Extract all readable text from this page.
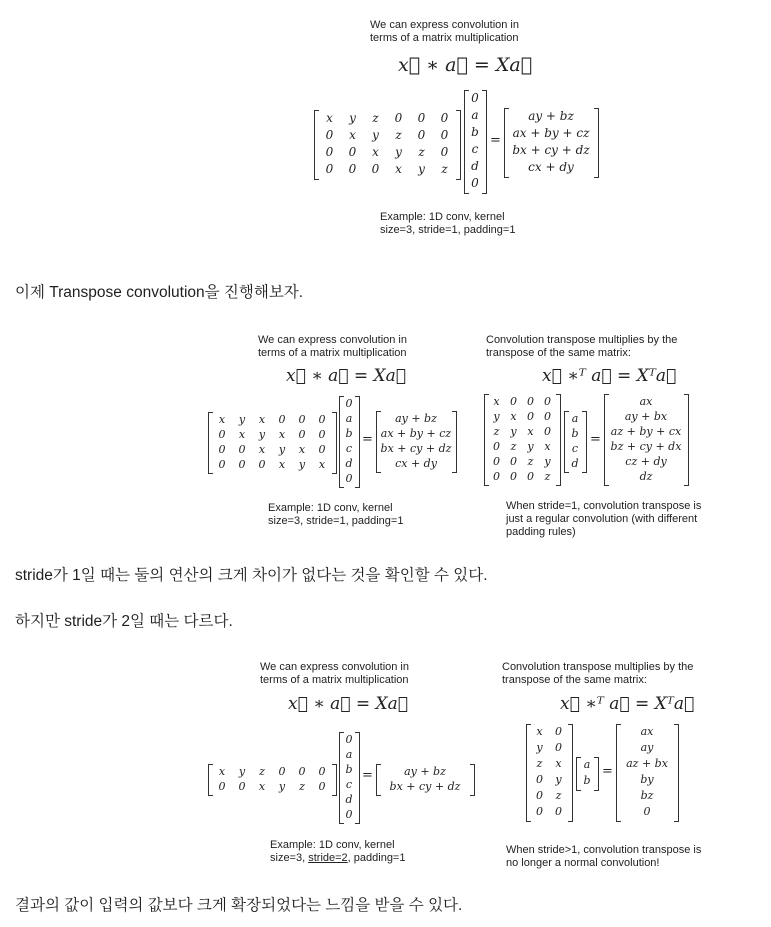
We can express convolution in
terms of a matrix multiplication
x⃗ ∗ a⃗ = Xa⃗
x	y	z	0	0	0
0	x	y	z	0	0
0	0	x	y	z	0
0	0	0	x	y	z
0
a
b
c
d
0
=
ay + bz
ax + by + cz
bx + cy + dz
cx + dy
Example: 1D conv, kernel
size=3, stride=1, padding=1
이제 Transpose convolution을 진행해보자.
We can express convolution in
terms of a matrix multiplication
x⃗ ∗ a⃗ = Xa⃗
x	y	x	0	0	0
0	x	y	x	0	0
0	0	x	y	x	0
0	0	0	x	y	x
0
a
b
c
d
0
=
ay + bz
ax + by + cz
bx + cy + dz
cx + dy
Example: 1D conv, kernel
size=3, stride=1, padding=1
Convolution transpose multiplies by the
transpose of the same matrix:
x⃗ ∗ᵀ a⃗ = Xᵀa⃗
x 0 0 0
y x 0 0
z	y x 0
0 z	y x
0 0 z	y
0 0 0 z
a
b
c
d
=
ax
ay + bx
az + by + cx
bz + cy + dx
cz + dy
dz
When stride=1, convolution transpose is
just a regular convolution (with different
padding rules)
stride가 1일 때는 둘의 연산의 크게 차이가 없다는 것을 확인할 수 있다.
하지만 stride가 2일 때는 다르다.
We can express convolution in
terms of a matrix multiplication
x⃗ ∗ a⃗ = Xa⃗
x	y	z	0	0	0
0	0	x	y	z	0
0
a
b
c
d
0
=	ay + bz
bx + cy + dz
Example: 1D conv, kernel
size=3, stride=2, padding=1
Convolution transpose multiplies by the
transpose of the same matrix:
x⃗ ∗ᵀ a⃗ = Xᵀa⃗
x	0
y	0
z	x
0	y
0	z
0	0
a
b
=
ax
ay
az + bx
by
bz
0
When stride>1, convolution transpose is
no longer a normal convolution!
결과의 값이 입력의 값보다 크게 확장되었다는 느낌을 받을 수 있다.
